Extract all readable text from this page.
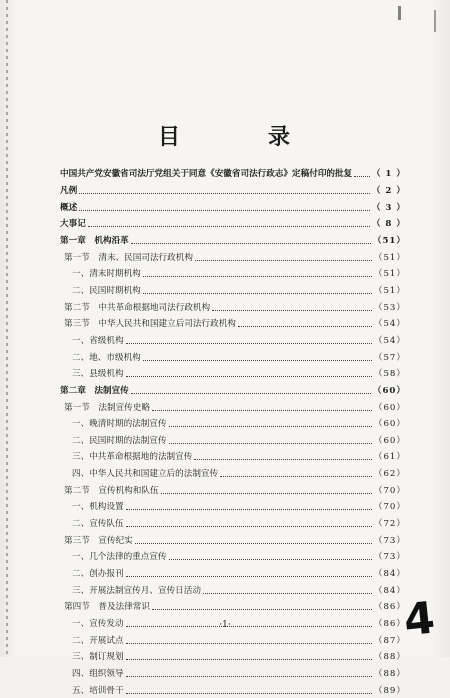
目	录
中国共产党安徽省司法厅党组关于同意《安徽省司法行政志》定稿付印的批复 （ 1 ）
凡例	（ 2 ）
概述	（ 3 ）
大事记	（ 8 ）
第一章　机构沿革	（51）
第一节　清末、民国司法行政机构	（51）
一、清末时期机构	（51）
二、民国时期机构	（51）
第二节　中共革命根据地司法行政机构	（53）
第三节　中华人民共和国建立后司法行政机构	（54）
一、省级机构	（54）
二、地、市级机构	（57）
三、县级机构	（58）
第二章　法制宣传	（60）
第一节　法制宣传史略	（60）
一、晚清时期的法制宣传	（60）
二、民国时期的法制宣传	（60）
三、中共革命根据地的法制宣传	（61）
四、中华人民共和国建立后的法制宣传	（62）
第二节　宣传机构和队伍	（70）
一、机构设置	（70）
二、宣传队伍	（72）
第三节　宣传纪实	（73）
一、几个法律的重点宣传	（73）
二、创办报刊	（84）
三、开展法制宣传月、宣传日活动	（84）
第四节　普及法律常识	（86）
一、宣传发动	（86）
二、开展试点	（87）
三、制订规划	（88）
四、组织领导	（88）
五、培训骨干	（89）
·1·	4
